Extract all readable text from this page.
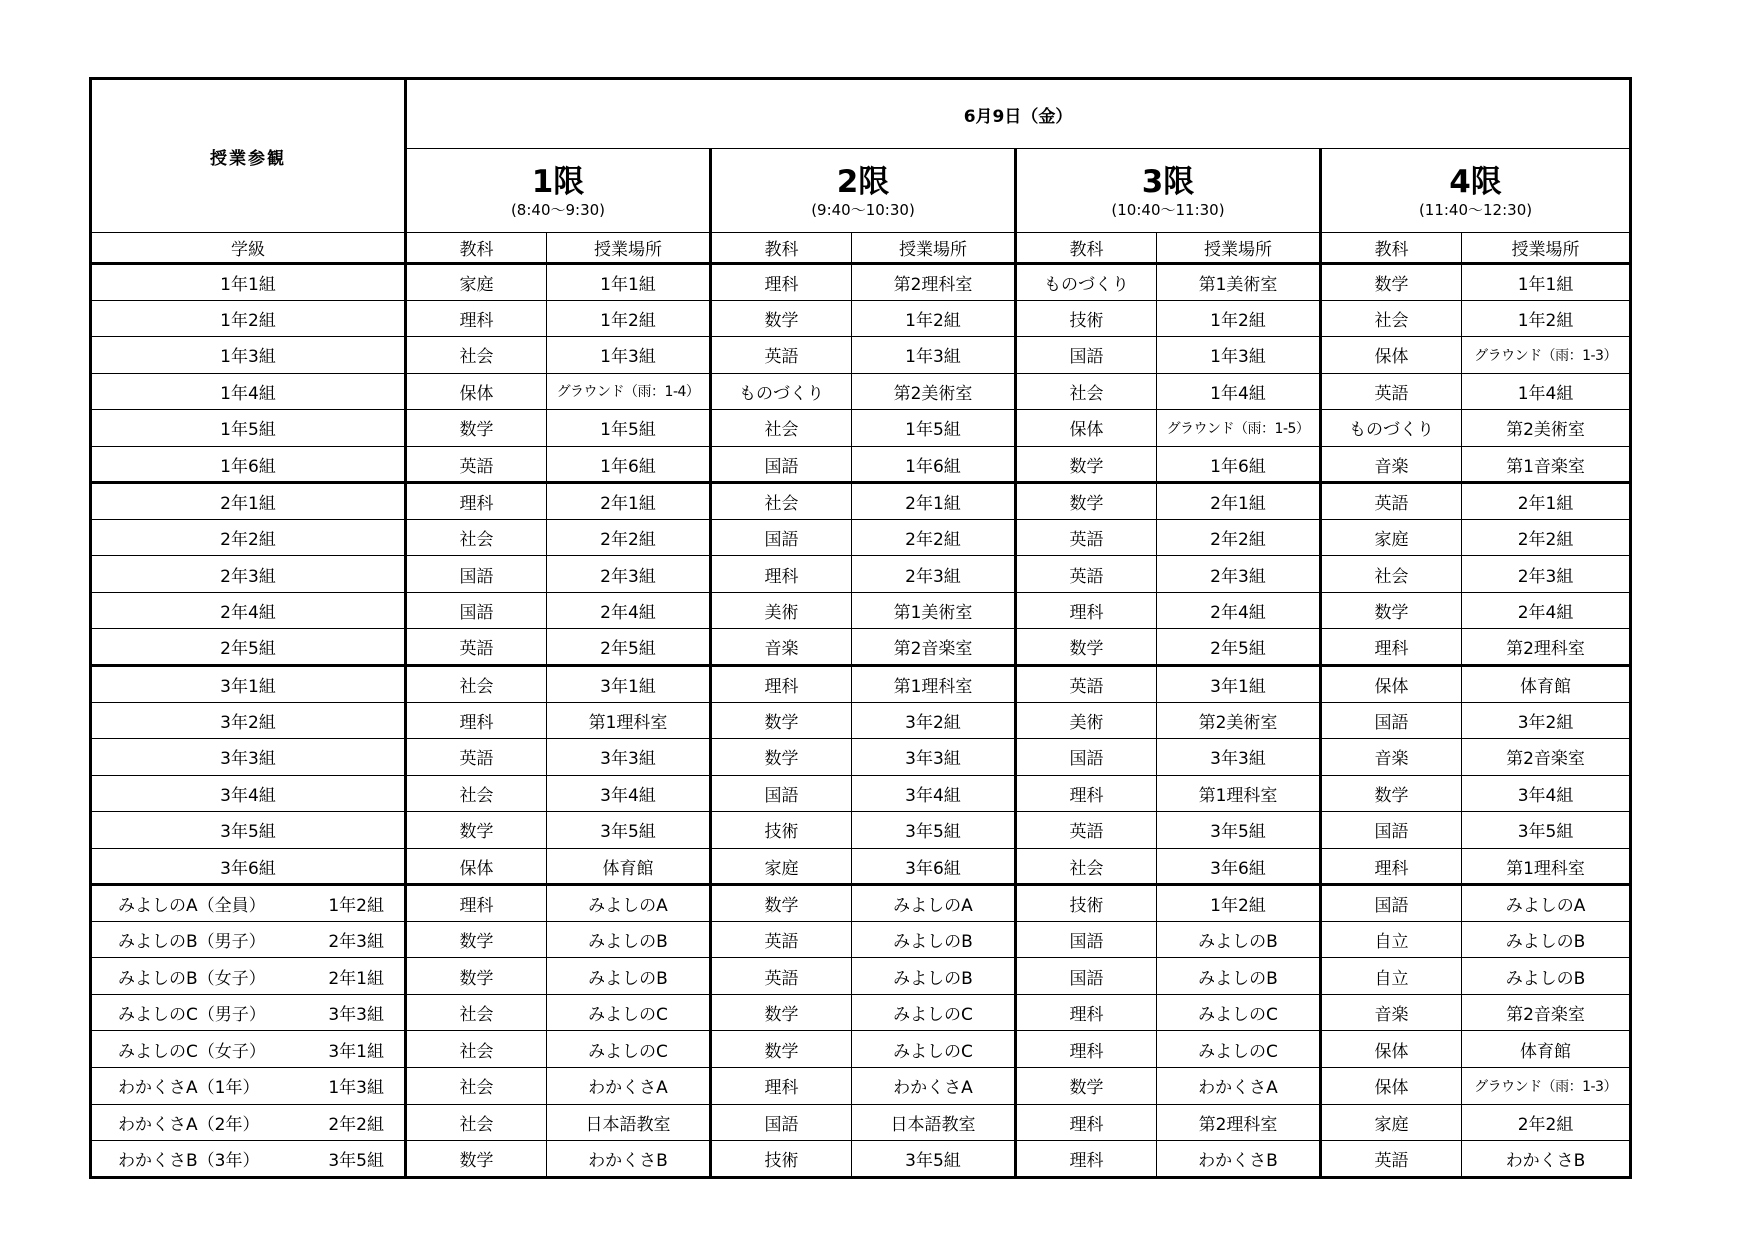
授業参観	6月9日（金）							

	1限
(8:40～9:30)		2限
(9:40～10:30)		3限
(10:40～11:30)		4限
(11:40～12:30)	

学級	教科	授業場所	教科	授業場所	教科	授業場所	教科	授業場所
1年1組	家庭	1年1組	理科	第2理科室	ものづくり	第1美術室	数学	1年1組
1年2組	理科	1年2組	数学	1年2組	技術	1年2組	社会	1年2組
1年3組	社会	1年3組	英語	1年3組	国語	1年3組	保体	グラウンド（雨：1-3）
1年4組	保体	グラウンド（雨：1-4）	ものづくり	第2美術室	社会	1年4組	英語	1年4組
1年5組	数学	1年5組	社会	1年5組	保体	グラウンド（雨：1-5）	ものづくり	第2美術室
1年6組	英語	1年6組	国語	1年6組	数学	1年6組	音楽	第1音楽室
2年1組	理科	2年1組	社会	2年1組	数学	2年1組	英語	2年1組
2年2組	社会	2年2組	国語	2年2組	英語	2年2組	家庭	2年2組
2年3組	国語	2年3組	理科	2年3組	英語	2年3組	社会	2年3組
2年4組	国語	2年4組	美術	第1美術室	理科	2年4組	数学	2年4組
2年5組	英語	2年5組	音楽	第2音楽室	数学	2年5組	理科	第2理科室
3年1組	社会	3年1組	理科	第1理科室	英語	3年1組	保体	体育館
3年2組	理科	第1理科室	数学	3年2組	美術	第2美術室	国語	3年2組
3年3組	英語	3年3組	数学	3年3組	国語	3年3組	音楽	第2音楽室
3年4組	社会	3年4組	国語	3年4組	理科	第1理科室	数学	3年4組
3年5組	数学	3年5組	技術	3年5組	英語	3年5組	国語	3年5組
3年6組	保体	体育館	家庭	3年6組	社会	3年6組	理科	第1理科室

みよしのA（全員） 1年2組	理科	みよしのA	数学	みよしのA	技術	1年2組	国語	みよしのA

みよしのB（男子） 2年3組	数学	みよしのB	英語	みよしのB	国語	みよしのB	自立	みよしのB

みよしのB（女子） 2年1組	数学	みよしのB	英語	みよしのB	国語	みよしのB	自立	みよしのB

みよしのC（男子） 3年3組	社会	みよしのC	数学	みよしのC	理科	みよしのC	音楽	第2音楽室

みよしのC（女子） 3年1組	社会	みよしのC	数学	みよしのC	理科	みよしのC	保体	体育館

わかくさA（1年） 1年3組	社会	わかくさA	理科	わかくさA	数学	わかくさA	保体	グラウンド（雨：1-3）

わかくさA（2年） 2年2組	社会	日本語教室	国語	日本語教室	理科	第2理科室	家庭	2年2組

わかくさB（3年） 3年5組	数学	わかくさB	技術	3年5組	理科	わかくさB	英語	わかくさB
